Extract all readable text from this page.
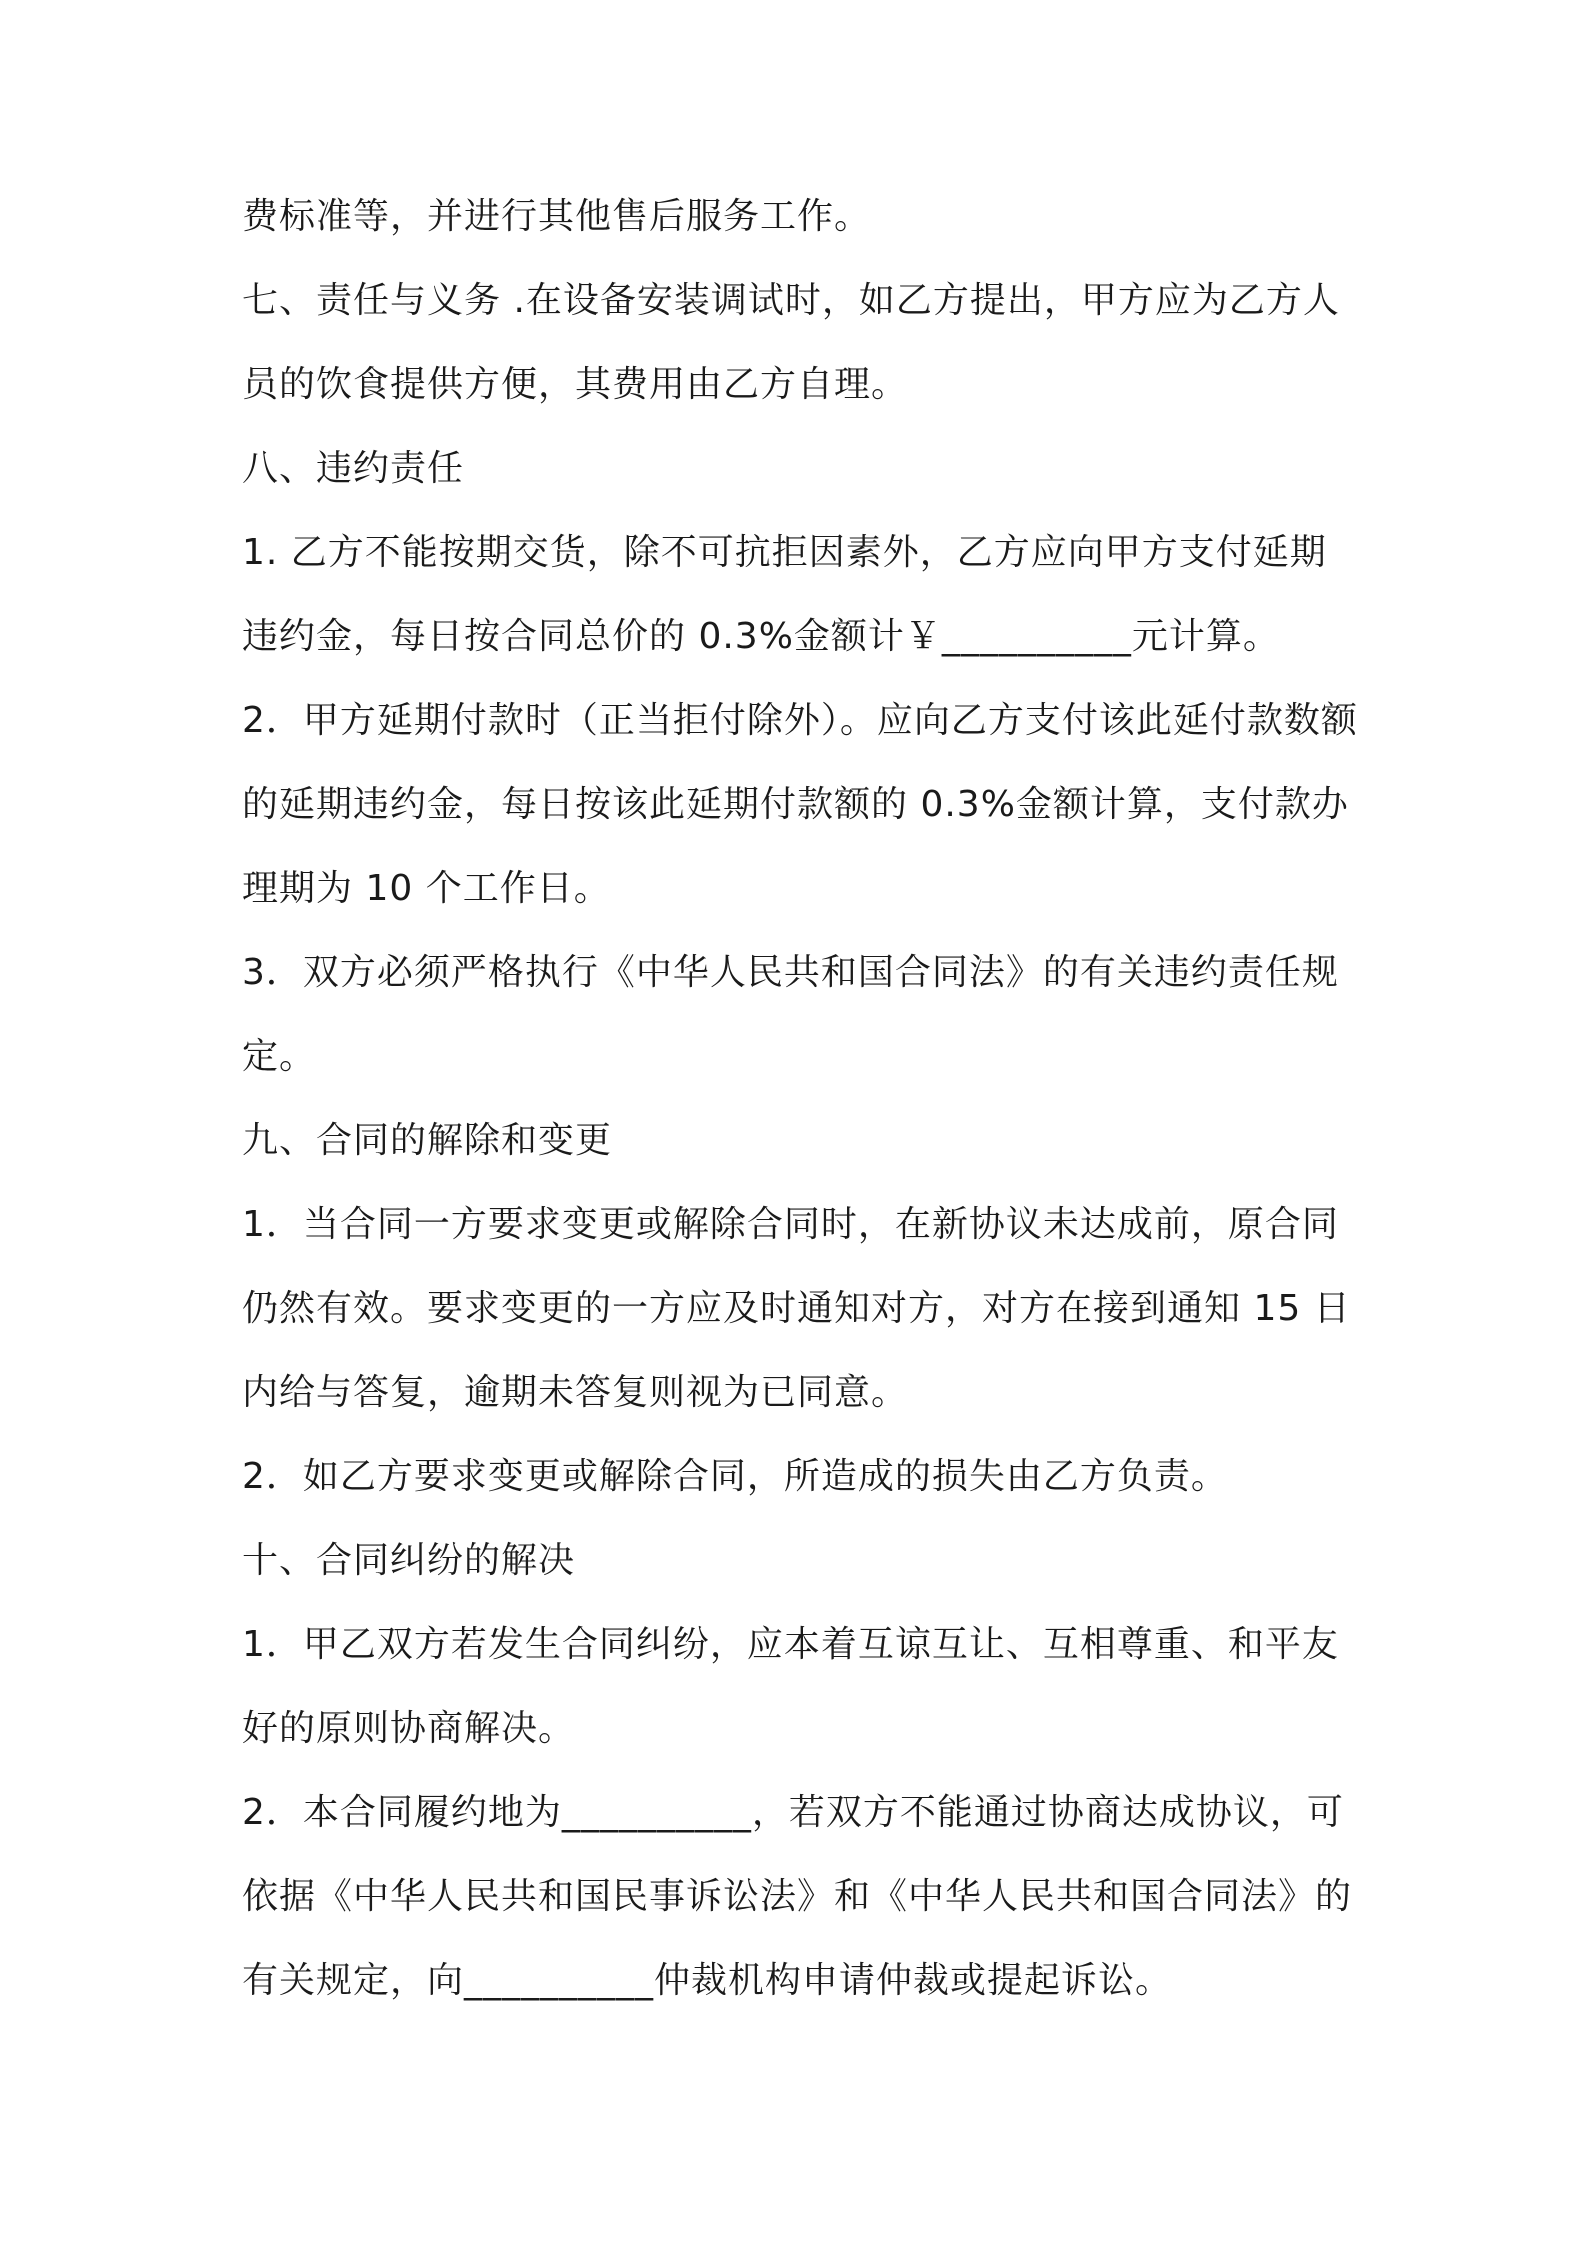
费标准等，并进行其他售后服务工作。
七、责任与义务 .在设备安装调试时，如乙方提出，甲方应为乙方人
员的饮食提供方便，其费用由乙方自理。
八、违约责任
1. 乙方不能按期交货，除不可抗拒因素外，乙方应向甲方支付延期
违约金，每日按合同总价的 0.3%金额计￥__________元计算。
2．甲方延期付款时（正当拒付除外）。应向乙方支付该此延付款数额
的延期违约金，每日按该此延期付款额的 0.3%金额计算，支付款办
理期为 10 个工作日。
3．双方必须严格执行《中华人民共和国合同法》的有关违约责任规
定。
九、合同的解除和变更
1．当合同一方要求变更或解除合同时，在新协议未达成前，原合同
仍然有效。要求变更的一方应及时通知对方，对方在接到通知 15 日
内给与答复，逾期未答复则视为已同意。
2．如乙方要求变更或解除合同，所造成的损失由乙方负责。
十、合同纠纷的解决
1．甲乙双方若发生合同纠纷，应本着互谅互让、互相尊重、和平友
好的原则协商解决。
2．本合同履约地为__________，若双方不能通过协商达成协议，可
依据《中华人民共和国民事诉讼法》和《中华人民共和国合同法》的
有关规定，向__________仲裁机构申请仲裁或提起诉讼。
